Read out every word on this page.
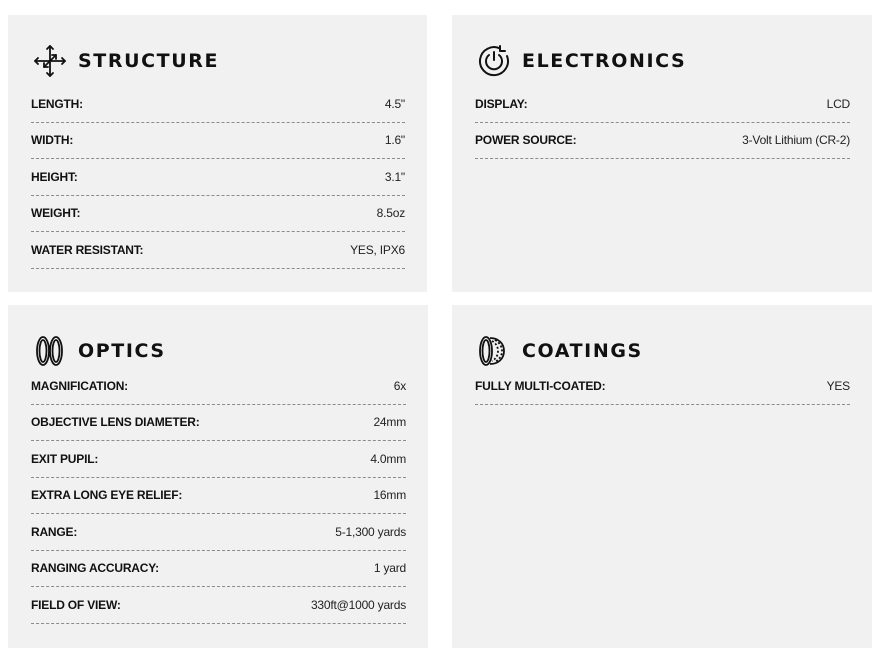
STRUCTURE
LENGTH:	4.5"
WIDTH:	1.6"
HEIGHT:	3.1"
WEIGHT:	8.5oz
WATER RESISTANT:	YES, IPX6
ELECTRONICS
DISPLAY:	LCD
POWER SOURCE:	3-Volt Lithium (CR-2)
OPTICS
MAGNIFICATION:	6x
OBJECTIVE LENS DIAMETER:	24mm
EXIT PUPIL:	4.0mm
EXTRA LONG EYE RELIEF:	16mm
RANGE:	5-1,300 yards
RANGING ACCURACY:	1 yard
FIELD OF VIEW:	330ft@1000 yards
COATINGS
FULLY MULTI-COATED:	YES
